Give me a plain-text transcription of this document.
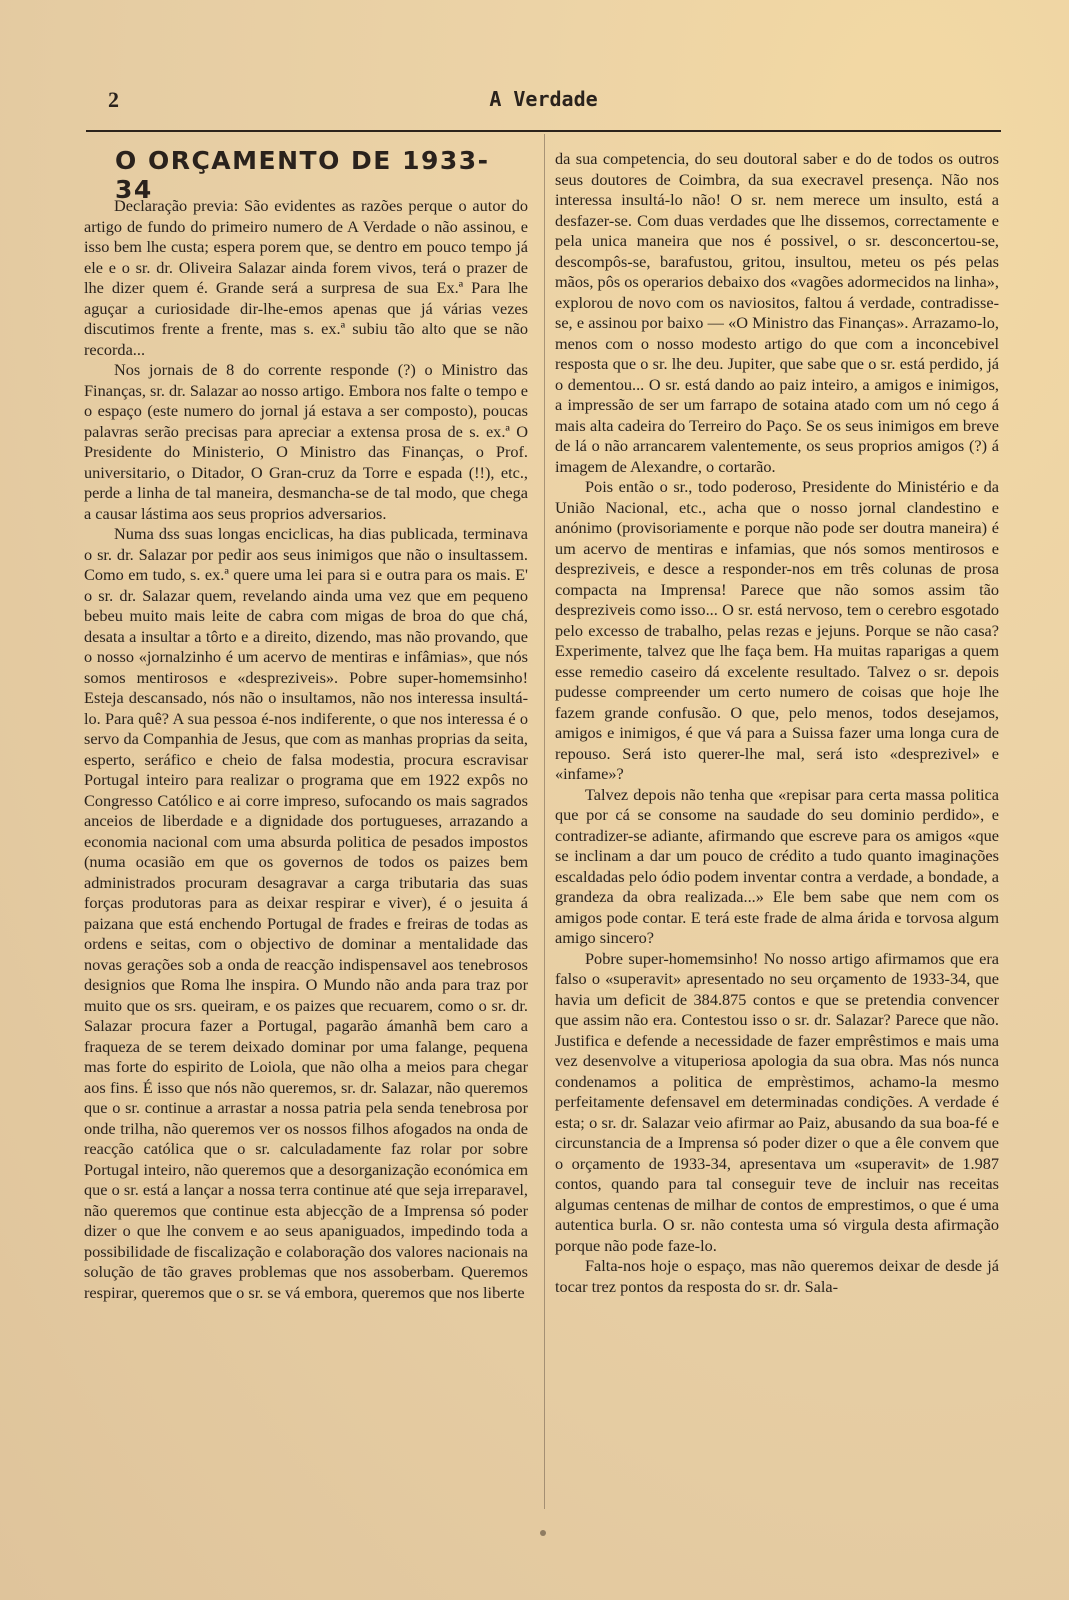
2	A Verdade
O ORÇAMENTO DE 1933-34

Declaração previa: São evidentes as razões perque o autor do artigo de fundo do primeiro numero de A Verdade o não assinou, e isso bem lhe custa; espera porem que, se dentro em pouco tempo já ele e o sr. dr. Oliveira Salazar ainda forem vivos, terá o prazer de lhe dizer quem é. Grande será a surpresa de sua Ex.ª Para lhe aguçar a curiosidade dir-lhe-emos apenas que já várias vezes discutimos frente a frente, mas s. ex.ª subiu tão alto que se não recorda...

Nos jornais de 8 do corrente responde (?) o Ministro das Finanças, sr. dr. Salazar ao nosso artigo. Embora nos falte o tempo e o espaço (este numero do jornal já estava a ser composto), poucas palavras serão precisas para apreciar a extensa prosa de s. ex.ª O Presidente do Ministerio, O Ministro das Finanças, o Prof. universitario, o Ditador, O Gran-cruz da Torre e espada (!!), etc., perde a linha de tal maneira, desmancha-se de tal modo, que chega a causar lástima aos seus proprios adversarios.

Numa dss suas longas enciclicas, ha dias publicada, terminava o sr. dr. Salazar por pedir aos seus inimigos que não o insultassem. Como em tudo, s. ex.ª quere uma lei para si e outra para os mais. E' o sr. dr. Salazar quem, revelando ainda uma vez que em pequeno bebeu muito mais leite de cabra com migas de broa do que chá, desata a insultar a tôrto e a direito, dizendo, mas não provando, que o nosso «jornalzinho é um acervo de mentiras e infâmias», que nós somos mentirosos e «despreziveis». Pobre super-homemsinho! Esteja descansado, nós não o insultamos, não nos interessa insultá-lo. Para quê? A sua pessoa é-nos indiferente, o que nos interessa é o servo da Companhia de Jesus, que com as manhas proprias da seita, esperto, seráfico e cheio de falsa modestia, procura escravisar Portugal inteiro para realizar o programa que em 1922 expôs no Congresso Católico e ai corre impreso, sufocando os mais sagrados anceios de liberdade e a dignidade dos portugueses, arrazando a economia nacional com uma absurda politica de pesados impostos (numa ocasião em que os governos de todos os paizes bem administrados procuram desagravar a carga tributaria das suas forças produtoras para as deixar respirar e viver), é o jesuita á paizana que está enchendo Portugal de frades e freiras de todas as ordens e seitas, com o objectivo de dominar a mentalidade das novas gerações sob a onda de reacção indispensavel aos tenebrosos designios que Roma lhe inspira. O Mundo não anda para traz por muito que os srs. queiram, e os paizes que recuarem, como o sr. dr. Salazar procura fazer a Portugal, pagarão ámanhã bem caro a fraqueza de se terem deixado dominar por uma falange, pequena mas forte do espirito de Loiola, que não olha a meios para chegar aos fins. É isso que nós não queremos, sr. dr. Salazar, não queremos que o sr. continue a arrastar a nossa patria pela senda tenebrosa por onde trilha, não queremos ver os nossos filhos afogados na onda de reacção católica que o sr. calculadamente faz rolar por sobre Portugal inteiro, não queremos que a desorganização económica em que o sr. está a lançar a nossa terra continue até que seja irreparavel, não queremos que continue esta abjecção de a Imprensa só poder dizer o que lhe convem e ao seus apaniguados, impedindo toda a possibilidade de fiscalização e colaboração dos valores nacionais na solução de tão graves problemas que nos assoberbam. Queremos respirar, queremos que o sr. se vá embora, queremos que nos liberte

da sua competencia, do seu doutoral saber e do de todos os outros seus doutores de Coimbra, da sua execravel presença. Não nos interessa insultá-lo não! O sr. nem merece um insulto, está a desfazer-se. Com duas verdades que lhe dissemos, correctamente e pela unica maneira que nos é possivel, o sr. desconcertou-se, descompôs-se, barafustou, gritou, insultou, meteu os pés pelas mãos, pôs os operarios debaixo dos «vagões adormecidos na linha», explorou de novo com os naviositos, faltou á verdade, contradisse-se, e assinou por baixo — «O Ministro das Finanças». Arrazamo-lo, menos com o nosso modesto artigo do que com a inconcebivel resposta que o sr. lhe deu. Jupiter, que sabe que o sr. está perdido, já o dementou... O sr. está dando ao paiz inteiro, a amigos e inimigos, a impressão de ser um farrapo de sotaina atado com um nó cego á mais alta cadeira do Terreiro do Paço. Se os seus inimigos em breve de lá o não arrancarem valentemente, os seus proprios amigos (?) á imagem de Alexandre, o cortarão.

Pois então o sr., todo poderoso, Presidente do Ministério e da União Nacional, etc., acha que o nosso jornal clandestino e anónimo (provisoriamente e porque não pode ser doutra maneira) é um acervo de mentiras e infamias, que nós somos mentirosos e despreziveis, e desce a responder-nos em três colunas de prosa compacta na Imprensa! Parece que não somos assim tão despreziveis como isso... O sr. está nervoso, tem o cerebro esgotado pelo excesso de trabalho, pelas rezas e jejuns. Porque se não casa? Experimente, talvez que lhe faça bem. Ha muitas raparigas a quem esse remedio caseiro dá excelente resultado. Talvez o sr. depois pudesse compreender um certo numero de coisas que hoje lhe fazem grande confusão. O que, pelo menos, todos desejamos, amigos e inimigos, é que vá para a Suissa fazer uma longa cura de repouso. Será isto querer-lhe mal, será isto «desprezivel» e «infame»?

Talvez depois não tenha que «repisar para certa massa politica que por cá se consome na saudade do seu dominio perdido», e contradizer-se adiante, afirmando que escreve para os amigos «que se inclinam a dar um pouco de crédito a tudo quanto imaginações escaldadas pelo ódio podem inventar contra a verdade, a bondade, a grandeza da obra realizada...» Ele bem sabe que nem com os amigos pode contar. E terá este frade de alma árida e torvosa algum amigo sincero?

Pobre super-homemsinho! No nosso artigo afirmamos que era falso o «superavit» apresentado no seu orçamento de 1933-34, que havia um deficit de 384.875 contos e que se pretendia convencer que assim não era. Contestou isso o sr. dr. Salazar? Parece que não. Justifica e defende a necessidade de fazer emprêstimos e mais uma vez desenvolve a vituperiosa apologia da sua obra. Mas nós nunca condenamos a politica de emprèstimos, achamo-la mesmo perfeitamente defensavel em determinadas condições. A verdade é esta; o sr. dr. Salazar veio afirmar ao Paiz, abusando da sua boa-fé e circunstancia de a Imprensa só poder dizer o que a êle convem que o orçamento de 1933-34, apresentava um «superavit» de 1.987 contos, quando para tal conseguir teve de incluir nas receitas algumas centenas de milhar de contos de emprestimos, o que é uma autentica burla. O sr. não contesta uma só virgula desta afirmação porque não pode faze-lo.

Falta-nos hoje o espaço, mas não queremos deixar de desde já tocar trez pontos da resposta do sr. dr. Sala-
